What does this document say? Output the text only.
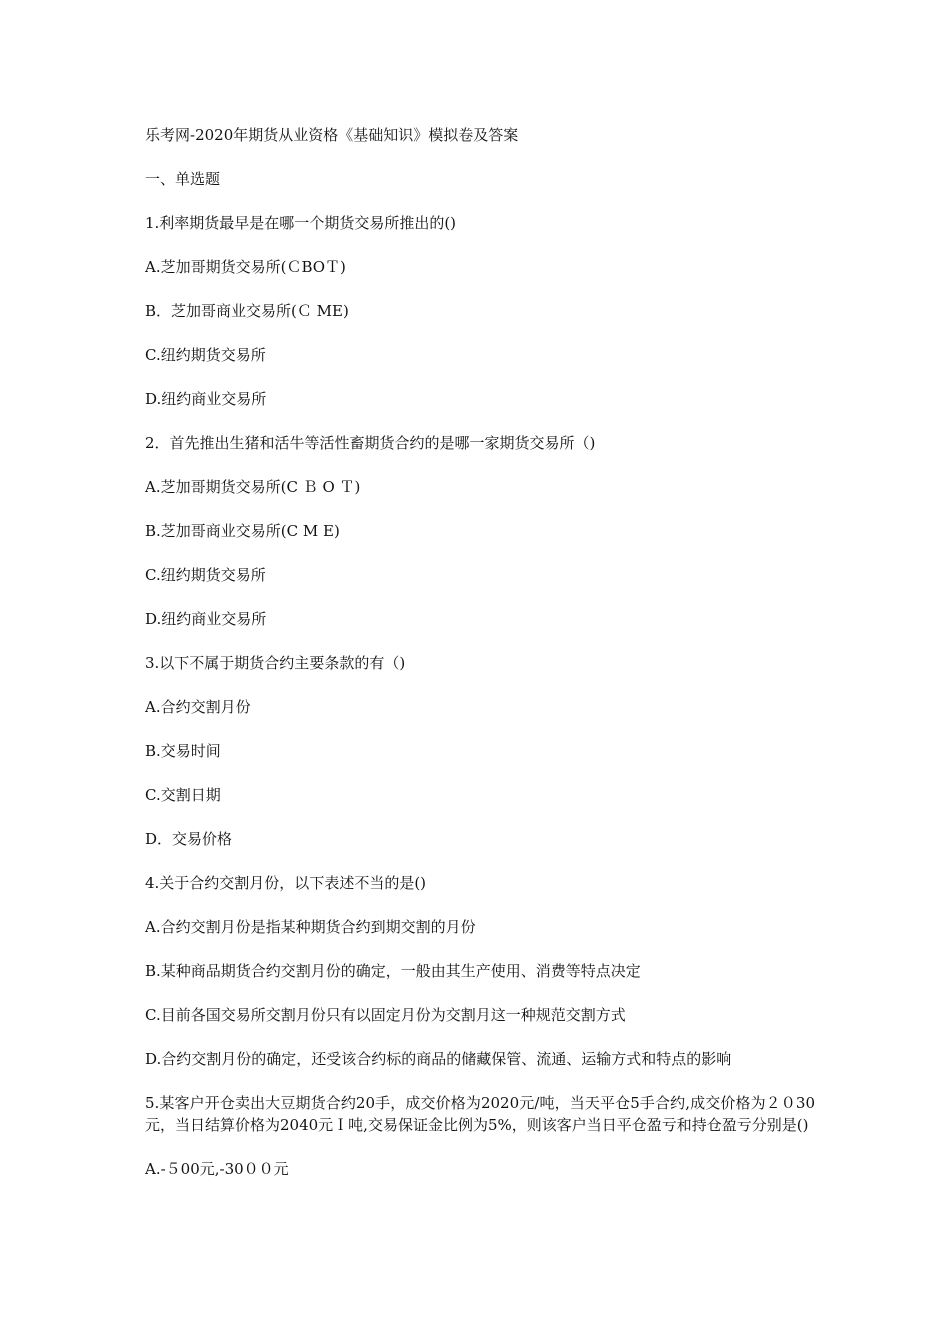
乐考网-2020年期货从业资格《基础知识》模拟卷及答案
一、单选题
1.利率期货最早是在哪一个期货交易所推出的()
A.芝加哥期货交易所(ＣBOＴ)
B．芝加哥商业交易所(Ｃ ME)
C.纽约期货交易所
D.纽约商业交易所
2．首先推出生猪和活牛等活性畜期货合约的是哪一家期货交易所（)
A.芝加哥期货交易所(C Ｂ O Ｔ)
B.芝加哥商业交易所(C M E)
C.纽约期货交易所
D.纽约商业交易所
3.以下不属于期货合约主要条款的有（)
A.合约交割月份
B.交易时间
C.交割日期
D．交易价格
4.关于合约交割月份，以下表述不当的是()
A.合约交割月份是指某种期货合约到期交割的月份
B.某种商品期货合约交割月份的确定，一般由其生产使用、消费等特点决定
C.目前各国交易所交割月份只有以固定月份为交割月这一种规范交割方式
D.合约交割月份的确定，还受该合约标的商品的储藏保管、流通、运输方式和特点的影响
5.某客户开仓卖出大豆期货合约20手，成交价格为2020元/吨，当天平仓5手合约,成交价格为２０30元，当日结算价格为2040元Ｉ吨,交易保证金比例为5%，则该客户当日平仓盈亏和持仓盈亏分别是()
A.-５00元,-30００元
